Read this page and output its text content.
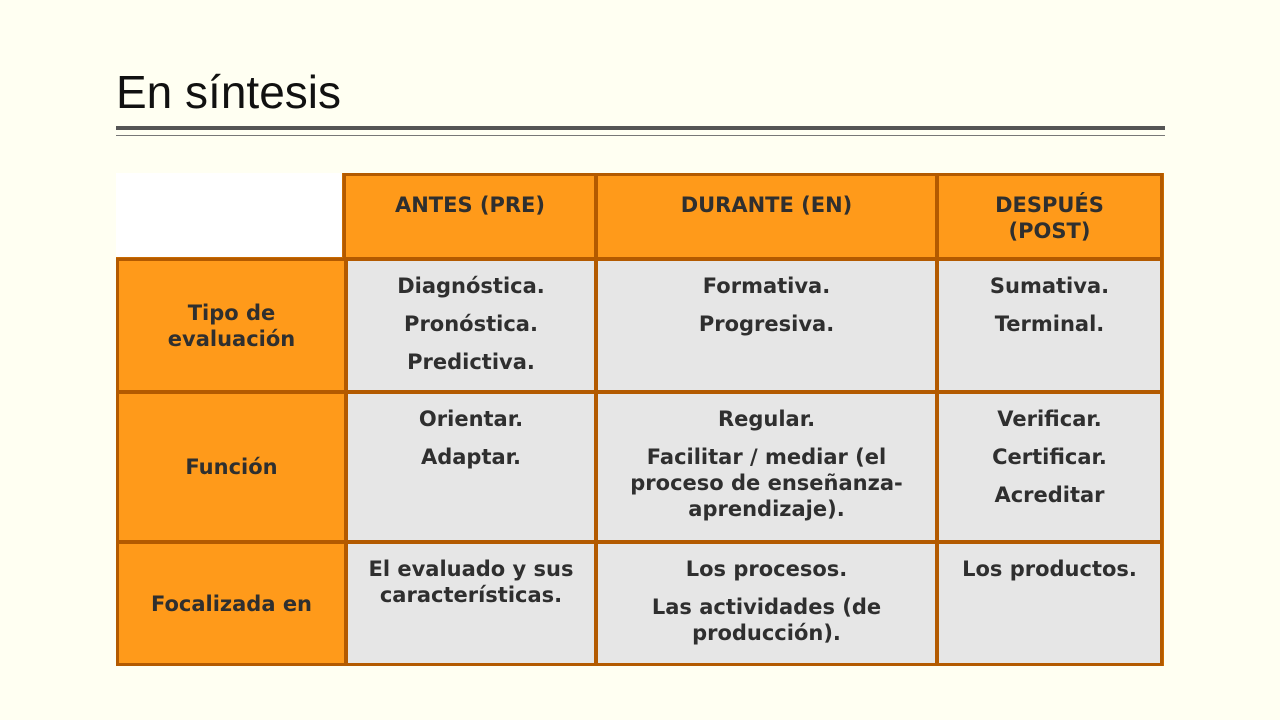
En síntesis
ANTES (PRE)	DURANTE (EN)	DESPUÉS
(POST)
Tipo de
evaluación
Diagnóstica.
Pronóstica.
Predictiva.
Formativa.
Progresiva.
Sumativa.
Terminal.
Función
Orientar.
Adaptar.
Regular.
Facilitar / mediar (el
proceso de enseñanza-
aprendizaje).
Verificar.
Certificar.
Acreditar
Focalizada en
El evaluado y sus
características.
Los procesos.
Las actividades (de
producción).
Los productos.
